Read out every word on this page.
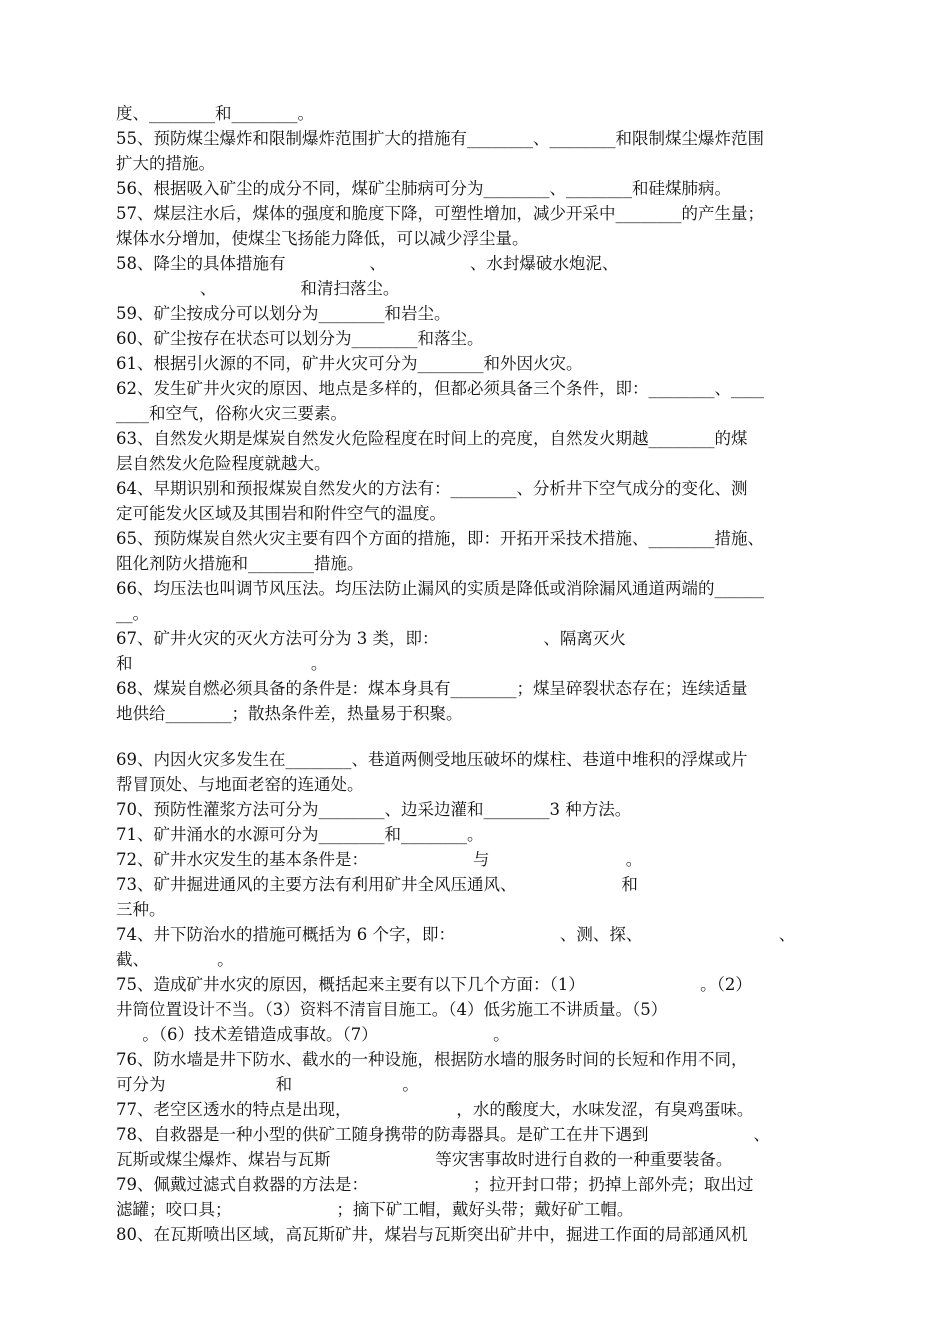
度、________和________。
55、预防煤尘爆炸和限制爆炸范围扩大的措施有________、________和限制煤尘爆炸范围
扩大的措施。
56、根据吸入矿尘的成分不同，煤矿尘肺病可分为________、________和硅煤肺病。
57、煤层注水后，煤体的强度和脆度下降，可塑性增加，减少开采中________的产生量；
煤体水分增加，使煤尘飞扬能力降低，可以减少浮尘量。
58、降尘的具体措施有                、                、水封爆破水炮泥、
、                和清扫落尘。
59、矿尘按成分可以划分为________和岩尘。
60、矿尘按存在状态可以划分为________和落尘。
61、根据引火源的不同，矿井火灾可分为________和外因火灾。
62、发生矿井火灾的原因、地点是多样的，但都必须具备三个条件，即：________、____
____和空气，俗称火灾三要素。
63、自然发火期是煤炭自然发火危险程度在时间上的亮度，自然发火期越________的煤
层自然发火危险程度就越大。
64、早期识别和预报煤炭自然发火的方法有：________、分析井下空气成分的变化、测
定可能发火区域及其围岩和附件空气的温度。
65、预防煤炭自然火灾主要有四个方面的措施，即：开拓开采技术措施、________措施、
阻化剂防火措施和________措施。
66、均压法也叫调节风压法。均压法防止漏风的实质是降低或消除漏风通道两端的______
__。
67、矿井火灾的灭火方法可分为 3 类，即：                    、隔离灭火
和                                  。
68、煤炭自燃必须具备的条件是：煤本身具有________；煤呈碎裂状态存在；连续适量
地供给________；散热条件差，热量易于积聚。
69、内因火灾多发生在________、巷道两侧受地压破坏的煤柱、巷道中堆积的浮煤或片
帮冒顶处、与地面老窑的连通处。
70、预防性灌浆方法可分为________、边采边灌和________3 种方法。
71、矿井涌水的水源可分为________和________。
72、矿井水灾发生的基本条件是：                    与                          。
73、矿井掘进通风的主要方法有利用矿井全风压通风、                    和
三种。
74、井下防治水的措施可概括为 6 个字，即：                    、测、探、                          、
截、             。
75、造成矿井水灾的原因，概括起来主要有以下几个方面：（1）                      。（2）
井筒位置设计不当。（3）资料不清盲目施工。（4）低劣施工不讲质量。（5）
。（6）技术差错造成事故。（7）                      。
76、防水墙是井下防水、截水的一种设施，根据防水墙的服务时间的长短和作用不同，
可分为                     和                     。
77、老空区透水的特点是出现，                    ，水的酸度大，水味发涩，有臭鸡蛋味。
78、自救器是一种小型的供矿工随身携带的防毒器具。是矿工在井下遇到                    、
瓦斯或煤尘爆炸、煤岩与瓦斯                    等灾害事故时进行自救的一种重要装备。
79、佩戴过滤式自救器的方法是：                    ；拉开封口带；扔掉上部外壳；取出过
滤罐；咬口具；                    ；摘下矿工帽，戴好头带；戴好矿工帽。
80、在瓦斯喷出区域，高瓦斯矿井，煤岩与瓦斯突出矿井中，掘进工作面的局部通风机
